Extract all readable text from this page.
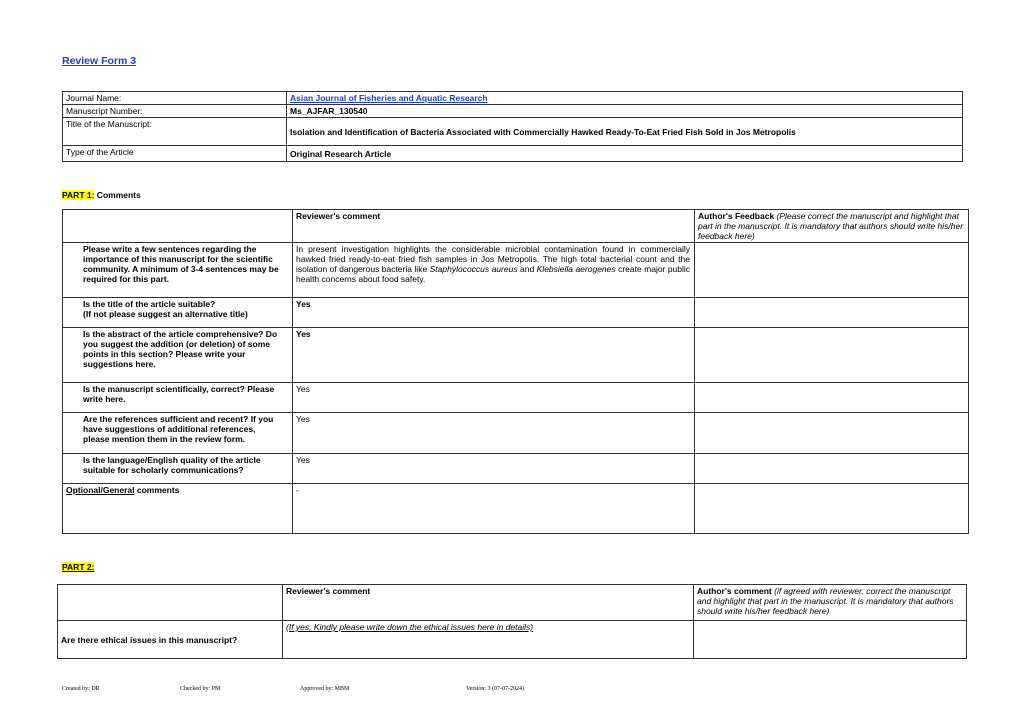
Review Form 3
Journal Name:	Asian Journal of Fisheries and Aquatic Research
Manuscript Number:	Ms_AJFAR_130540
Title of the Manuscript:	Isolation and Identification of Bacteria Associated with Commercially Hawked Ready-To-Eat Fried Fish Sold in Jos Metropolis
Type of the Article	Original Research Article
PART 1: Comments
	Reviewer's comment	Author's Feedback (Please correct the manuscript and highlight that part in the manuscript. It is mandatory that authors should write his/her feedback here)
Please write a few sentences regarding the importance of this manuscript for the scientific community. A minimum of 3-4 sentences may be required for this part.	In present investigation highlights the considerable microbial contamination found in commercially hawked fried ready-to-eat fried fish samples in Jos Metropolis. The high total bacterial count and the isolation of dangerous bacteria like Staphylococcus aureus and Klebsiella aerogenes create major public health concerns about food safety.	
Is the title of the article suitable?
(If not please suggest an alternative title)	Yes	
Is the abstract of the article comprehensive? Do you suggest the addition (or deletion) of some points in this section? Please write your suggestions here.	Yes	
Is the manuscript scientifically, correct? Please write here.	Yes	
Are the references sufficient and recent? If you have suggestions of additional references, please mention them in the review form.	Yes	
Is the language/English quality of the article suitable for scholarly communications?	Yes	
Optional/General comments	-	
PART 2:
	Reviewer's comment	Author's comment (if agreed with reviewer, correct the manuscript and highlight that part in the manuscript. It is mandatory that authors should write his/her feedback here)
Are there ethical issues in this manuscript?	(If yes, Kindly please write down the ethical issues here in details)	
Created by: DR	Checked by: PM	Approved by: MBM	Version: 3 (07-07-2024)
